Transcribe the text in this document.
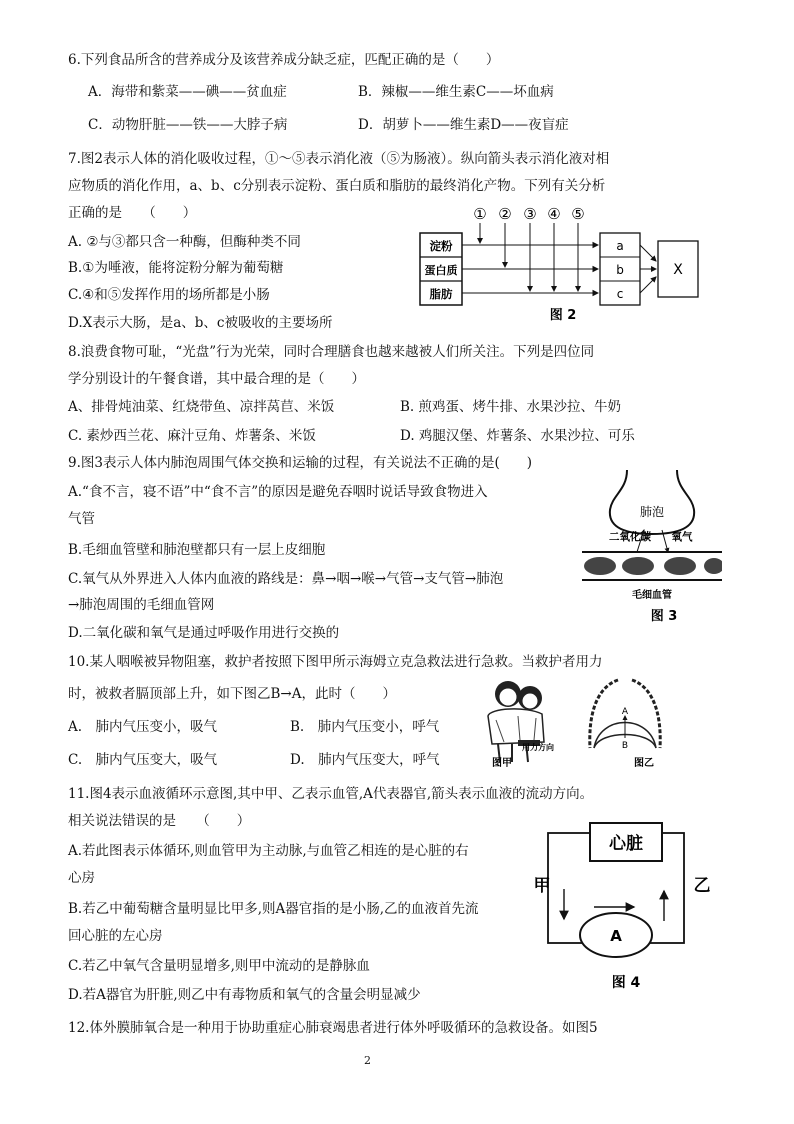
6.下列食品所含的营养成分及该营养成分缺乏症，匹配正确的是（　　）
A．海带和紫菜——碘——贫血症	B．辣椒——维生素C——坏血病
C．动物肝脏——铁——大脖子病	D．胡萝卜——维生素D——夜盲症
7.图2表示人体的消化吸收过程，①～⑤表示消化液（⑤为肠液）。纵向箭头表示消化液对相
应物质的消化作用，a、b、c分别表示淀粉、蛋白质和脂肪的最终消化产物。下列有关分析
正确的是　　（　　）
A. ②与③都只含一种酶，但酶种类不同
B.①为唾液，能将淀粉分解为葡萄糖
C.④和⑤发挥作用的场所都是小肠
D.X表示大肠，是a、b、c被吸收的主要场所
① ② ③ ④ ⑤
淀粉
蛋白质
脂肪
a
b
c
X
图 2
8.浪费食物可耻，“光盘”行为光荣，同时合理膳食也越来越被人们所关注。下列是四位同
学分别设计的午餐食谱，其中最合理的是（　　）
A、排骨炖油菜、红烧带鱼、凉拌莴苣、米饭	B. 煎鸡蛋、烤牛排、水果沙拉、牛奶
C. 素炒西兰花、麻汁豆角、炸薯条、米饭	D. 鸡腿汉堡、炸薯条、水果沙拉、可乐
9.图3表示人体内肺泡周围气体交换和运输的过程，有关说法不正确的是(　　)
A.“食不言，寝不语”中“食不言”的原因是避免吞咽时说话导致食物进入
气管
B.毛细血管壁和肺泡壁都只有一层上皮细胞
C.氧气从外界进入人体内血液的路线是：鼻→咽→喉→气管→支气管→肺泡
→肺泡周围的毛细血管网
D.二氧化碳和氧气是通过呼吸作用进行交换的
肺泡
二氧化碳 氧气
毛细血管
图 3
10.某人咽喉被异物阻塞，救护者按照下图甲所示海姆立克急救法进行急救。当救护者用力
时，被救者膈顶部上升，如下图乙B→A，此时（　　）
A.　肺内气压变小，吸气	B.　肺内气压变小，呼气
C.　肺内气压变大，吸气	D.　肺内气压变大，呼气
用力方向
图甲
A
B
图乙
11.图4表示血液循环示意图,其中甲、乙表示血管,A代表器官,箭头表示血液的流动方向。
相关说法错误的是　　（　　）
A.若此图表示体循环,则血管甲为主动脉,与血管乙相连的是心脏的右
心房
B.若乙中葡萄糖含量明显比甲多,则A器官指的是小肠,乙的血液首先流
回心脏的左心房
C.若乙中氧气含量明显增多,则甲中流动的是静脉血
D.若A器官为肝脏,则乙中有毒物质和氧气的含量会明显减少
心脏
A
甲	乙
图 4
12.体外膜肺氧合是一种用于协助重症心肺衰竭患者进行体外呼吸循环的急救设备。如图5
2
